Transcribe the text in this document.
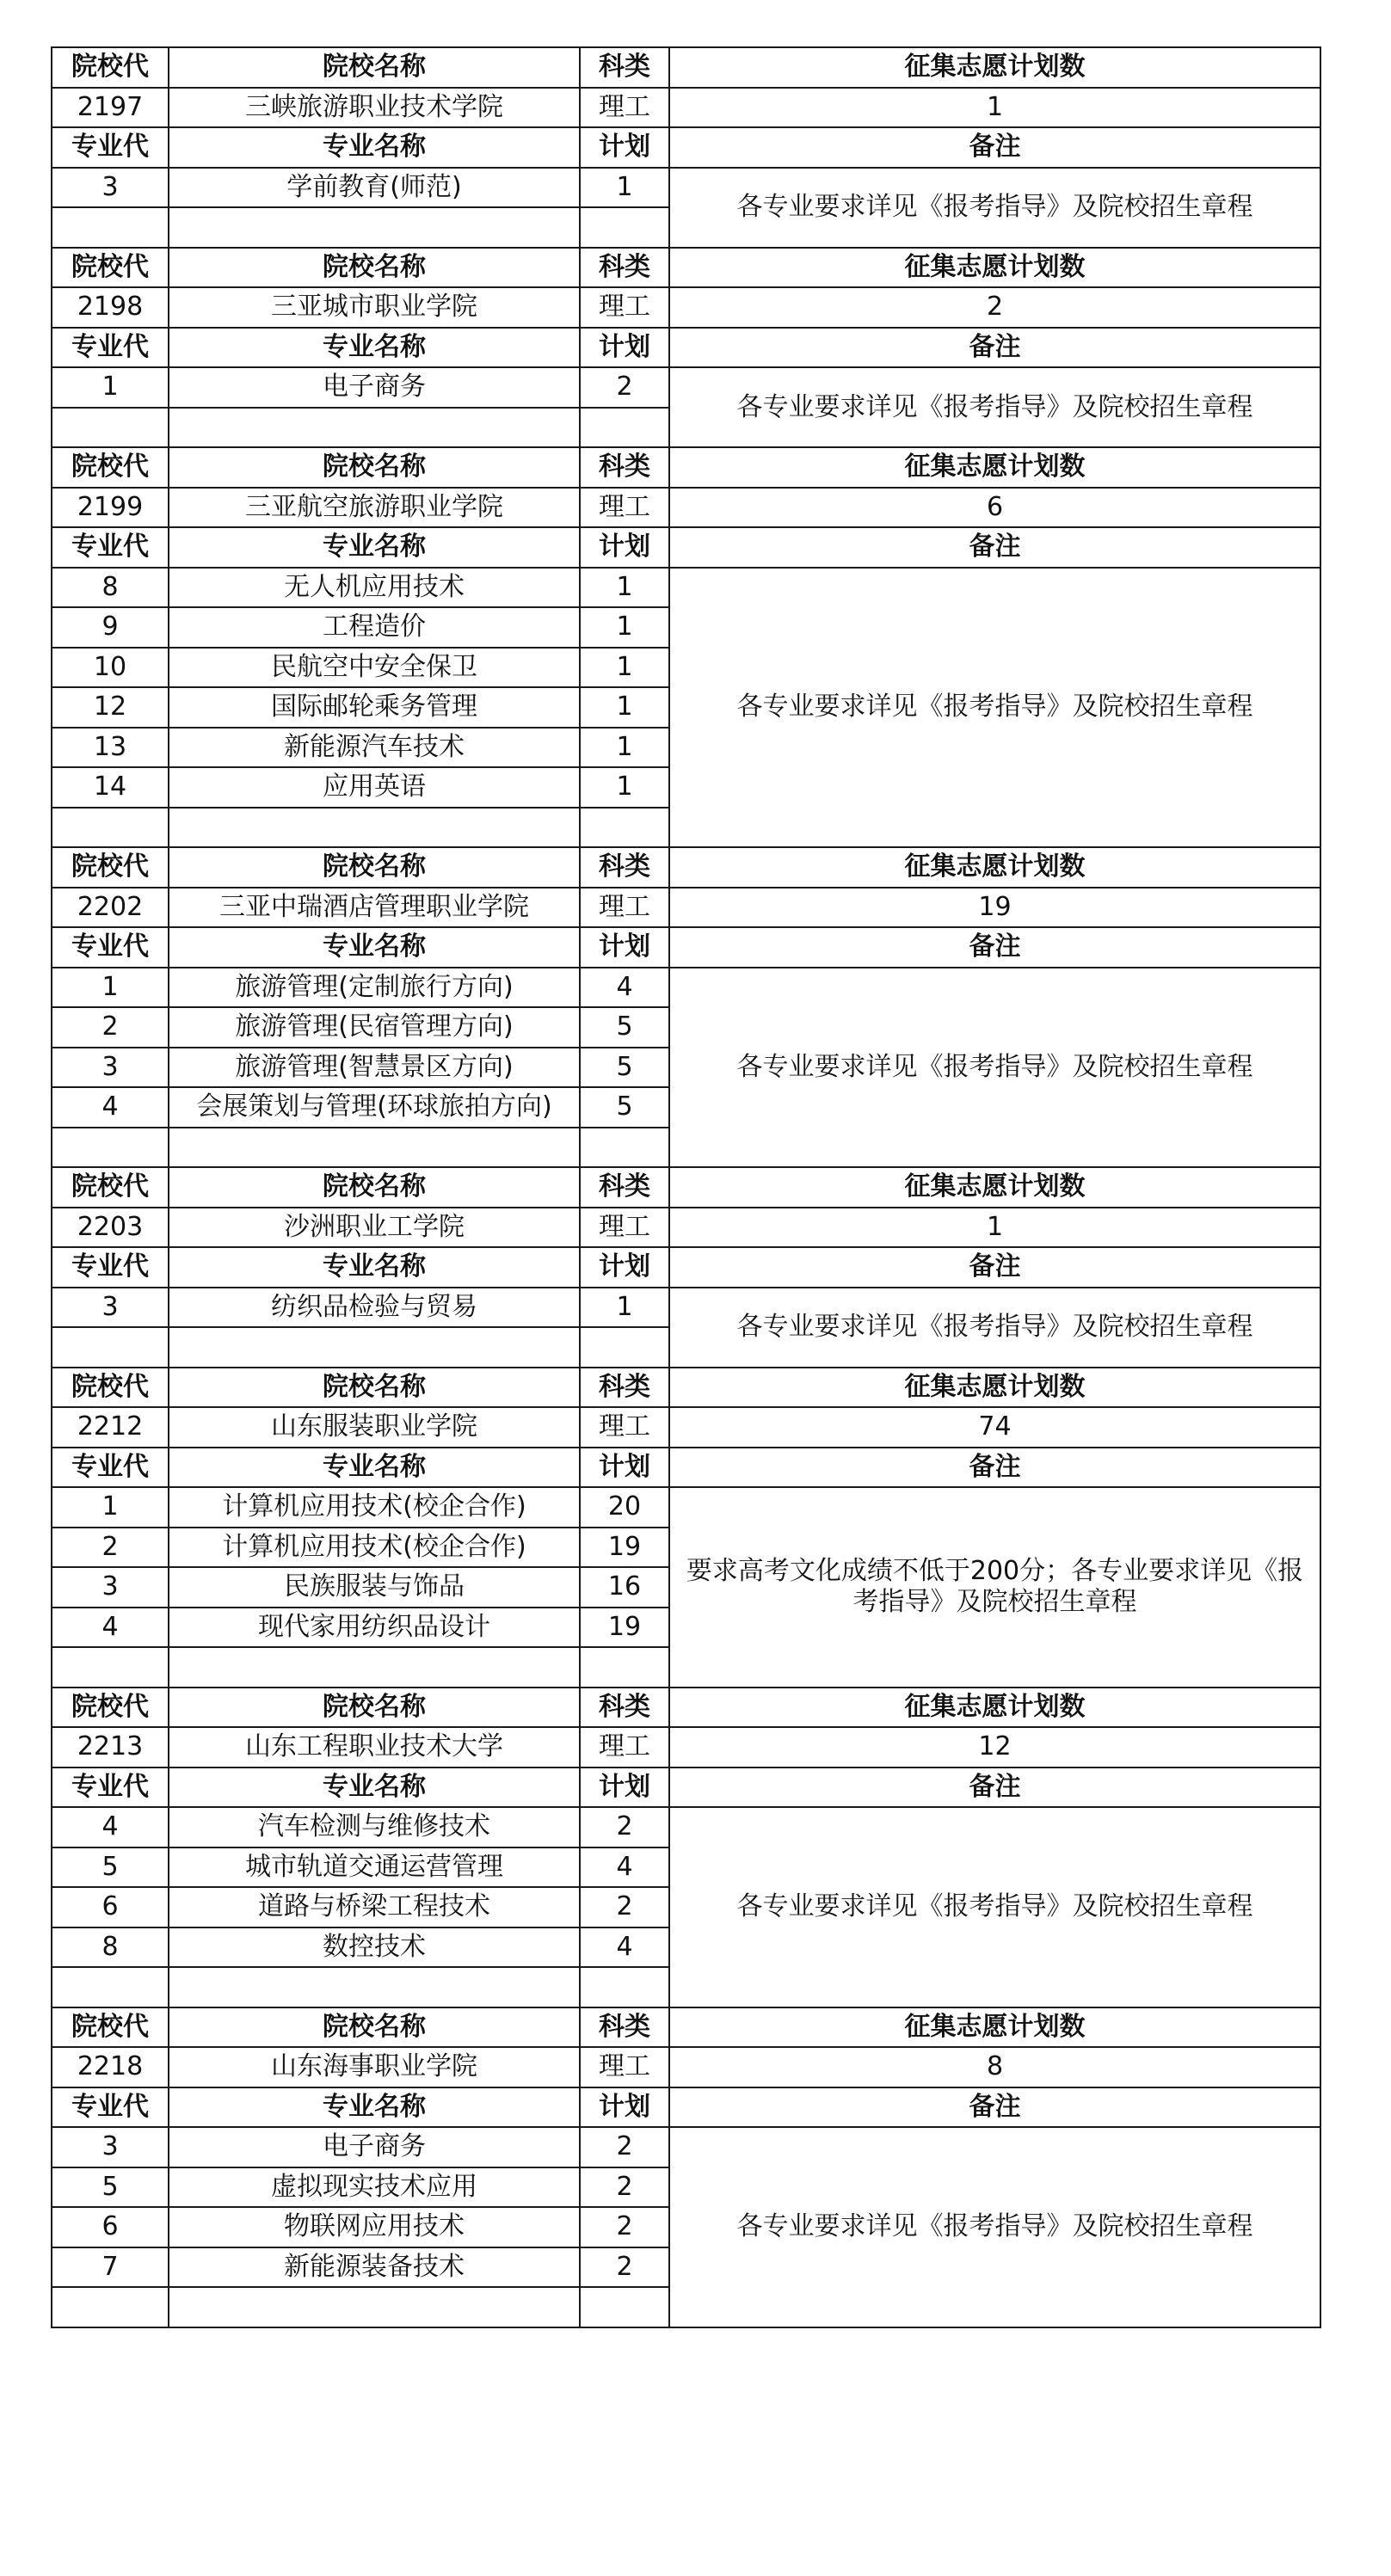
院校代	院校名称	科类	征集志愿计划数
2197	三峡旅游职业技术学院	理工	1
专业代	专业名称	计划	备注
3	学前教育(师范)	1	各专业要求详见《报考指导》及院校招生章程

院校代	院校名称	科类	征集志愿计划数
2198	三亚城市职业学院	理工	2
专业代	专业名称	计划	备注
1	电子商务	2	各专业要求详见《报考指导》及院校招生章程

院校代	院校名称	科类	征集志愿计划数
2199	三亚航空旅游职业学院	理工	6
专业代	专业名称	计划	备注
8	无人机应用技术	1	各专业要求详见《报考指导》及院校招生章程
9	工程造价	1	
10	民航空中安全保卫	1	
12	国际邮轮乘务管理	1	
13	新能源汽车技术	1	
14	应用英语	1	

院校代	院校名称	科类	征集志愿计划数
2202	三亚中瑞酒店管理职业学院	理工	19
专业代	专业名称	计划	备注
1	旅游管理(定制旅行方向)	4	各专业要求详见《报考指导》及院校招生章程
2	旅游管理(民宿管理方向)	5	
3	旅游管理(智慧景区方向)	5	
4	会展策划与管理(环球旅拍方向)	5	

院校代	院校名称	科类	征集志愿计划数
2203	沙洲职业工学院	理工	1
专业代	专业名称	计划	备注
3	纺织品检验与贸易	1	各专业要求详见《报考指导》及院校招生章程

院校代	院校名称	科类	征集志愿计划数
2212	山东服装职业学院	理工	74
专业代	专业名称	计划	备注
1	计算机应用技术(校企合作)	20	要求高考文化成绩不低于200分；各专业要求详见《报考指导》及院校招生章程
2	计算机应用技术(校企合作)	19	
3	民族服装与饰品	16	
4	现代家用纺织品设计	19	

院校代	院校名称	科类	征集志愿计划数
2213	山东工程职业技术大学	理工	12
专业代	专业名称	计划	备注
4	汽车检测与维修技术	2	各专业要求详见《报考指导》及院校招生章程
5	城市轨道交通运营管理	4	
6	道路与桥梁工程技术	2	
8	数控技术	4	

院校代	院校名称	科类	征集志愿计划数
2218	山东海事职业学院	理工	8
专业代	专业名称	计划	备注
3	电子商务	2	各专业要求详见《报考指导》及院校招生章程
5	虚拟现实技术应用	2	
6	物联网应用技术	2	
7	新能源装备技术	2	
